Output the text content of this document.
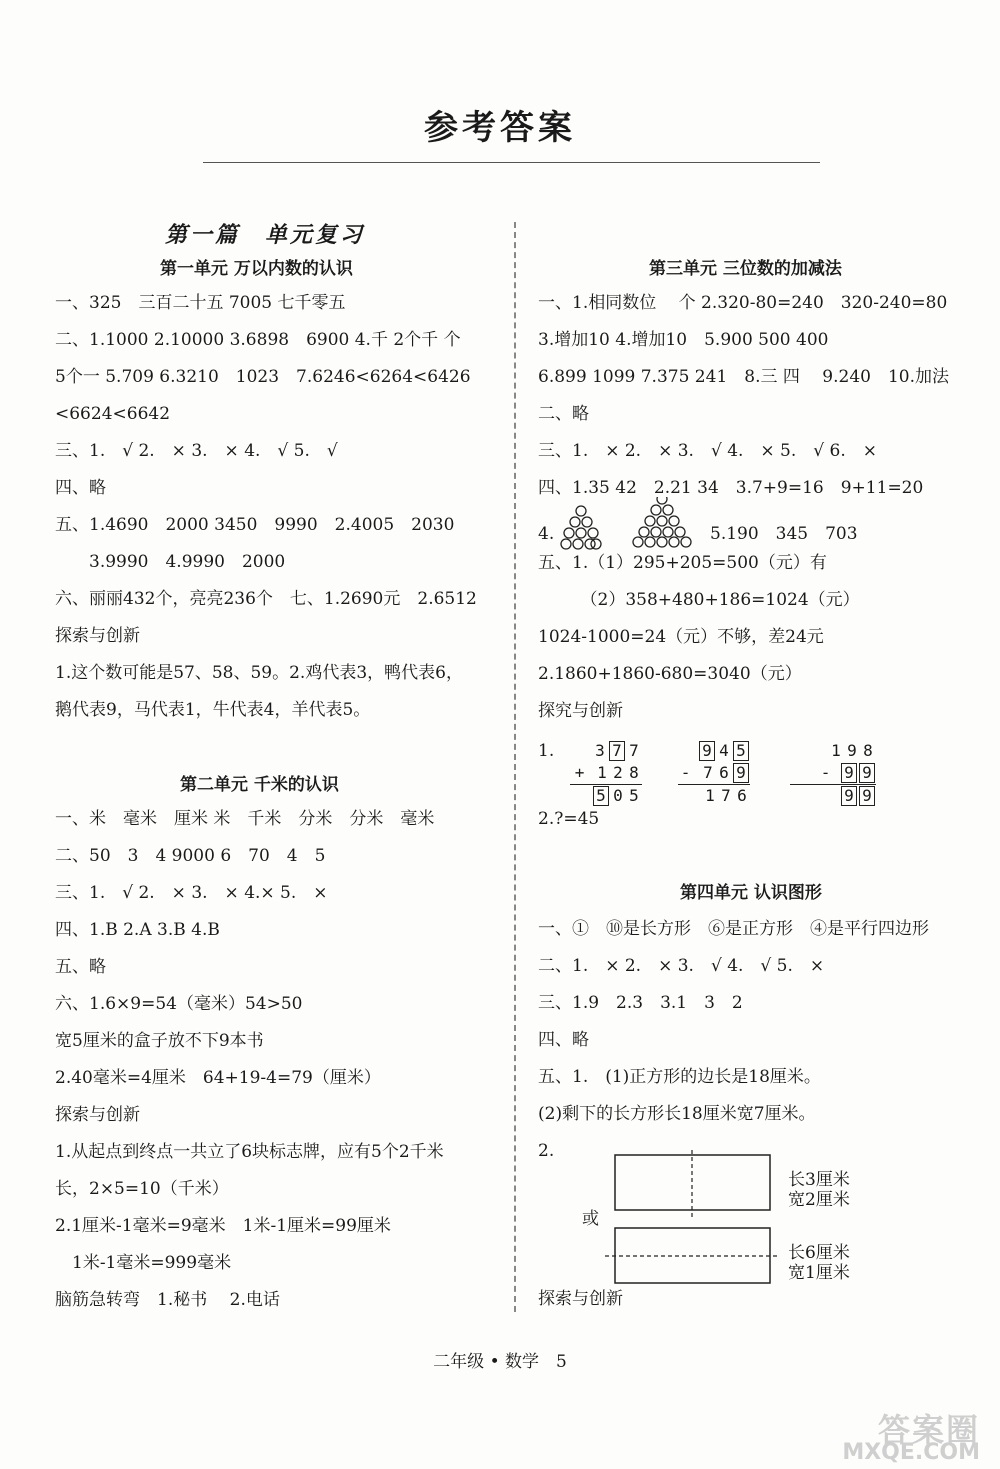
参考答案
第一篇　单元复习
第一单元 万以内数的认识
一、325　三百二十五 7005 七千零五
二、1.1000 2.10000 3.6898　6900 4.千 2个千 个
5个一 5.709 6.3210　1023　7.6246<6264<6426
<6624<6642
三、1.　√ 2.　× 3.　× 4.　√ 5.　√
四、略
五、1.4690　2000 3450　9990　2.4005　2030
　　3.9990　4.9990　2000
六、丽丽432个，亮亮236个　七、1.2690元　2.6512
探索与创新
1.这个数可能是57、58、59。2.鸡代表3，鸭代表6，
鹅代表9，马代表1，牛代表4，羊代表5。
第二单元 千米的认识
一、米　毫米　厘米 米　千米　分米　分米　毫米
二、50　3　4 9000 6　70　4　5
三、1.　√ 2.　× 3.　× 4.× 5.　×
四、1.B 2.A 3.B 4.B
五、略
六、1.6×9=54（毫米）54>50
宽5厘米的盒子放不下9本书
2.40毫米=4厘米　64+19-4=79（厘米）
探索与创新
1.从起点到终点一共立了6块标志牌，应有5个2千米
长，2×5=10（千米）
2.1厘米-1毫米=9毫米　1米-1厘米=99厘米
　1米-1毫米=999毫米
脑筋急转弯　1.秘书　 2.电话
第三单元 三位数的加减法
一、1.相同数位　 个 2.320-80=240　320-240=80
3.增加10 4.增加10　5.900 500 400
6.899 1099 7.375 241　8.三 四　 9.240　10.加法
二、略
三、1.　× 2.　× 3.　√ 4.　× 5.　√ 6.　×
四、1.35 42　2.21 34　3.7+9=16　9+11=20
4.	5.190　345　703
五、1.（1）295+205=500（元）有
　　　（2）358+480+186=1024（元）
1024-1000=24（元）不够，差24元
2.1860+1860-680=3040（元）
探究与创新
1.	3 7 7
+ 1 2 8
5 0 5
9 4 5
- 7 6 9
1 7 6
1 9 8
- 9 9
9 9
2.?=45
第四单元 认识图形
一、①　⑩是长方形　⑥是正方形　④是平行四边形
二、1.　× 2.　× 3.　√ 4.　√ 5.　×
三、1.9　2.3　3.1　3　2
四、略
五、1.　(1)正方形的边长是18厘米。
(2)剩下的长方形长18厘米宽7厘米。
2.
或
长3厘米
宽2厘米
长6厘米
宽1厘米
探索与创新
二年级 • 数学　5
答案圈
MXQE.COM
